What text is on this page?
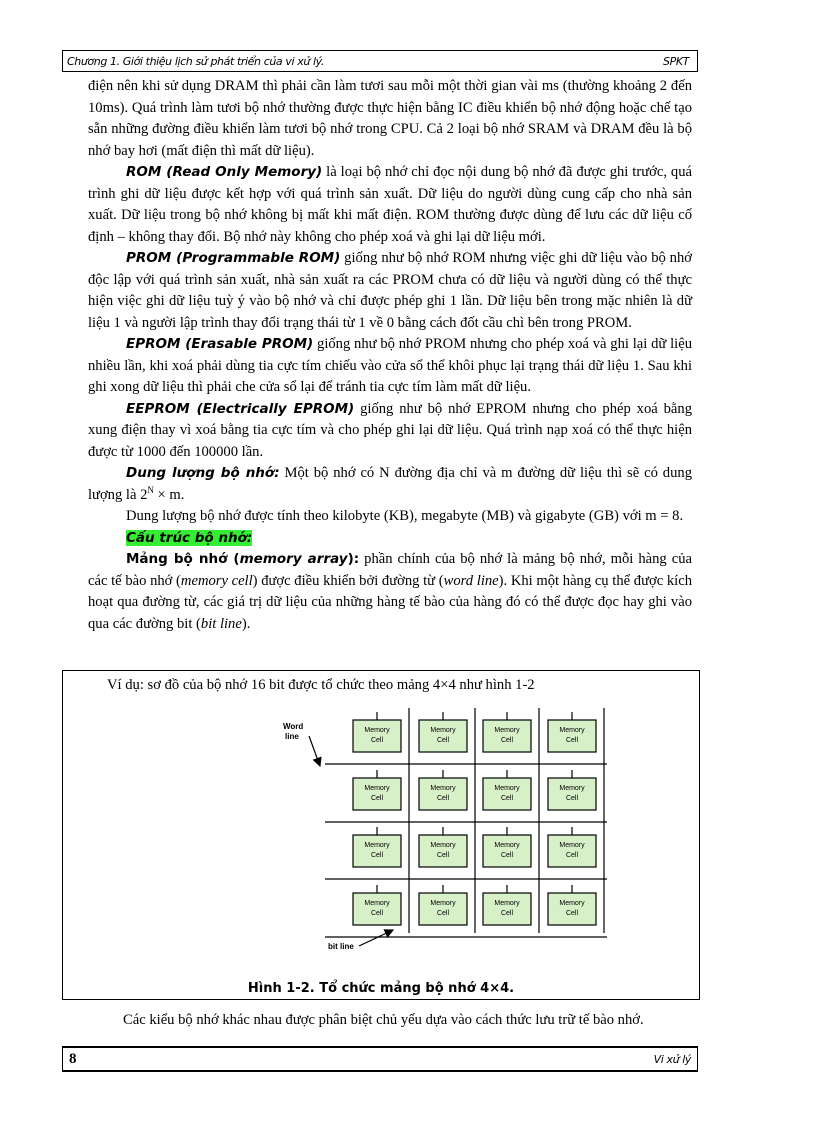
Chương 1. Giới thiệu lịch sử phát triển của vi xử lý.	SPKT

điện nên khi sử dụng DRAM thì phải cần làm tươi sau mỗi một thời gian vài ms (thường khoảng 2 đến 10ms). Quá trình làm tươi bộ nhớ thường được thực hiện bằng IC điều khiển bộ nhớ động hoặc chế tạo sẵn những đường điều khiển làm tươi bộ nhớ trong CPU. Cả 2 loại bộ nhớ SRAM và DRAM đều là bộ nhớ bay hơi (mất điện thì mất dữ liệu).

ROM (Read Only Memory) là loại bộ nhớ chỉ đọc nội dung bộ nhớ đã được ghi trước, quá trình ghi dữ liệu được kết hợp với quá trình sản xuất. Dữ liệu do người dùng cung cấp cho nhà sản xuất. Dữ liệu trong bộ nhớ không bị mất khi mất điện. ROM thường được dùng để lưu các dữ liệu cố định – không thay đổi. Bộ nhớ này không cho phép xoá và ghi lại dữ liệu mới.

PROM (Programmable ROM) giống như bộ nhớ ROM nhưng việc ghi dữ liệu vào bộ nhớ độc lập với quá trình sản xuất, nhà sản xuất ra các PROM chưa có dữ liệu và người dùng có thể thực hiện việc ghi dữ liệu tuỳ ý vào bộ nhớ và chỉ được phép ghi 1 lần. Dữ liệu bên trong mặc nhiên là dữ liệu 1 và người lập trình thay đổi trạng thái từ 1 về 0 bằng cách đốt cầu chì bên trong PROM.

EPROM (Erasable PROM) giống như bộ nhớ PROM nhưng cho phép xoá và ghi lại dữ liệu nhiều lần, khi xoá phải dùng tia cực tím chiếu vào cửa sổ thể khôi phục lại trạng thái dữ liệu 1. Sau khi ghi xong dữ liệu thì phải che cửa sổ lại để tránh tia cực tím làm mất dữ liệu.

EEPROM (Electrically EPROM) giống như bộ nhớ EPROM nhưng cho phép xoá bằng xung điện thay vì xoá bằng tia cực tím và cho phép ghi lại dữ liệu. Quá trình nạp xoá có thể thực hiện được từ 1000 đến 100000 lần.

Dung lượng bộ nhớ: Một bộ nhớ có N đường địa chỉ và m đường dữ liệu thì sẽ có dung lượng là $2^N \times m$.

Dung lượng bộ nhớ được tính theo kilobyte (KB), megabyte (MB) và gigabyte (GB) với m = 8.

Cấu trúc bộ nhớ:

Mảng bộ nhớ (memory array): phần chính của bộ nhớ là mảng bộ nhớ, mỗi hàng của các tế bào nhớ (memory cell) được điều khiển bởi đường từ (word line). Khi một hàng cụ thể được kích hoạt qua đường từ, các giá trị dữ liệu của những hàng tế bào của hàng đó có thể được đọc hay ghi vào qua các đường bit (bit line).

Ví dụ: sơ đồ của bộ nhớ 16 bit được tổ chức theo mảng 4×4 như hình 1-2
Memory
Cell
Memory
Cell
Memory
Cell
Memory
Cell
Memory
Cell
Memory
Cell
Memory
Cell
Memory
Cell
Memory
Cell
Memory
Cell
Memory
Cell
Memory
Cell
Memory
Cell
Memory
Cell
Memory
Cell
Memory
Cell
Word
line
bit line
Hình 1-2. Tổ chức mảng bộ nhớ 4×4.
Các kiểu bộ nhớ khác nhau được phân biệt chủ yếu dựa vào cách thức lưu trữ tế bào nhớ.
8	Vi xử lý
